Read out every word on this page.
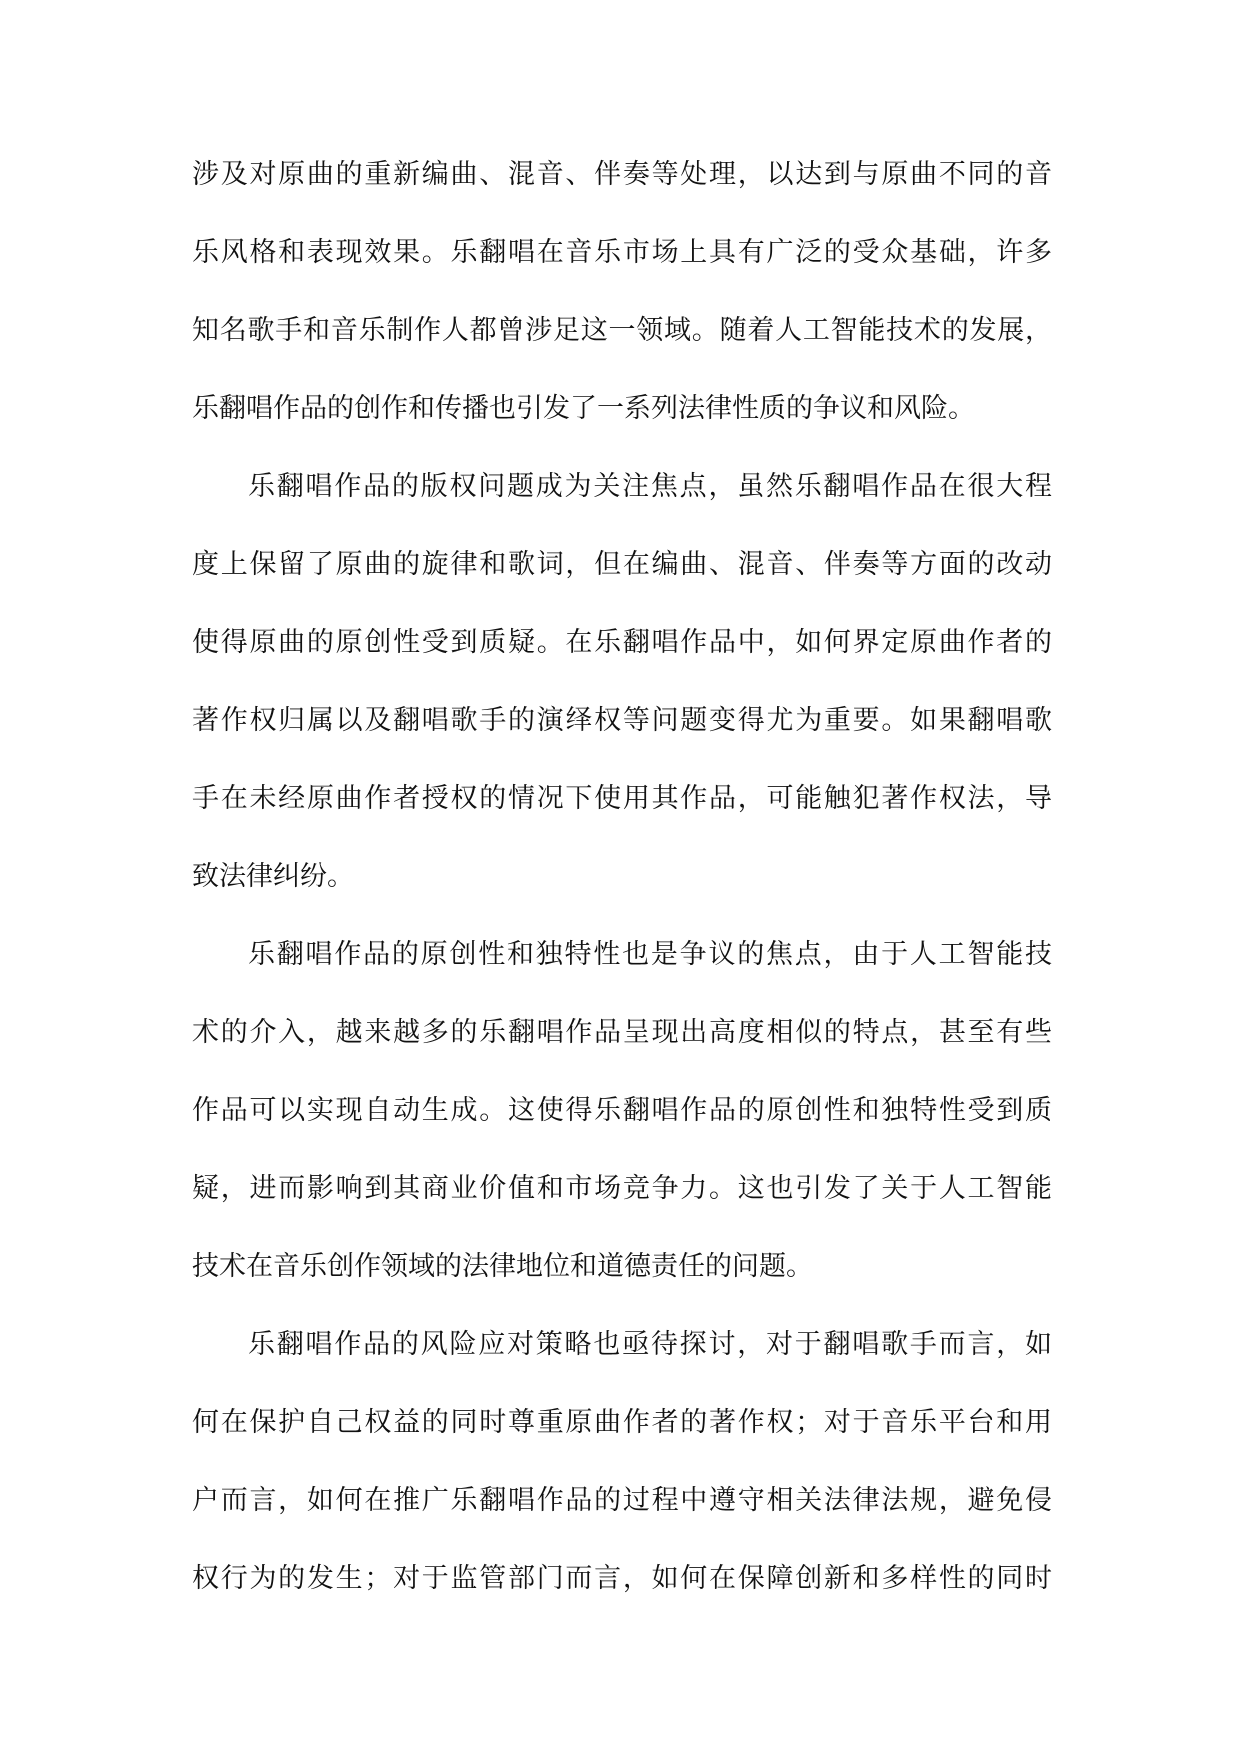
涉及对原曲的重新编曲、混音、伴奏等处理，以达到与原曲不同的音
乐风格和表现效果。乐翻唱在音乐市场上具有广泛的受众基础，许多
知名歌手和音乐制作人都曾涉足这一领域。随着人工智能技术的发展，
乐翻唱作品的创作和传播也引发了一系列法律性质的争议和风险。
乐翻唱作品的版权问题成为关注焦点，虽然乐翻唱作品在很大程
度上保留了原曲的旋律和歌词，但在编曲、混音、伴奏等方面的改动
使得原曲的原创性受到质疑。在乐翻唱作品中，如何界定原曲作者的
著作权归属以及翻唱歌手的演绎权等问题变得尤为重要。如果翻唱歌
手在未经原曲作者授权的情况下使用其作品，可能触犯著作权法，导
致法律纠纷。
乐翻唱作品的原创性和独特性也是争议的焦点，由于人工智能技
术的介入，越来越多的乐翻唱作品呈现出高度相似的特点，甚至有些
作品可以实现自动生成。这使得乐翻唱作品的原创性和独特性受到质
疑，进而影响到其商业价值和市场竞争力。这也引发了关于人工智能
技术在音乐创作领域的法律地位和道德责任的问题。
乐翻唱作品的风险应对策略也亟待探讨，对于翻唱歌手而言，如
何在保护自己权益的同时尊重原曲作者的著作权；对于音乐平台和用
户而言，如何在推广乐翻唱作品的过程中遵守相关法律法规，避免侵
权行为的发生；对于监管部门而言，如何在保障创新和多样性的同时
